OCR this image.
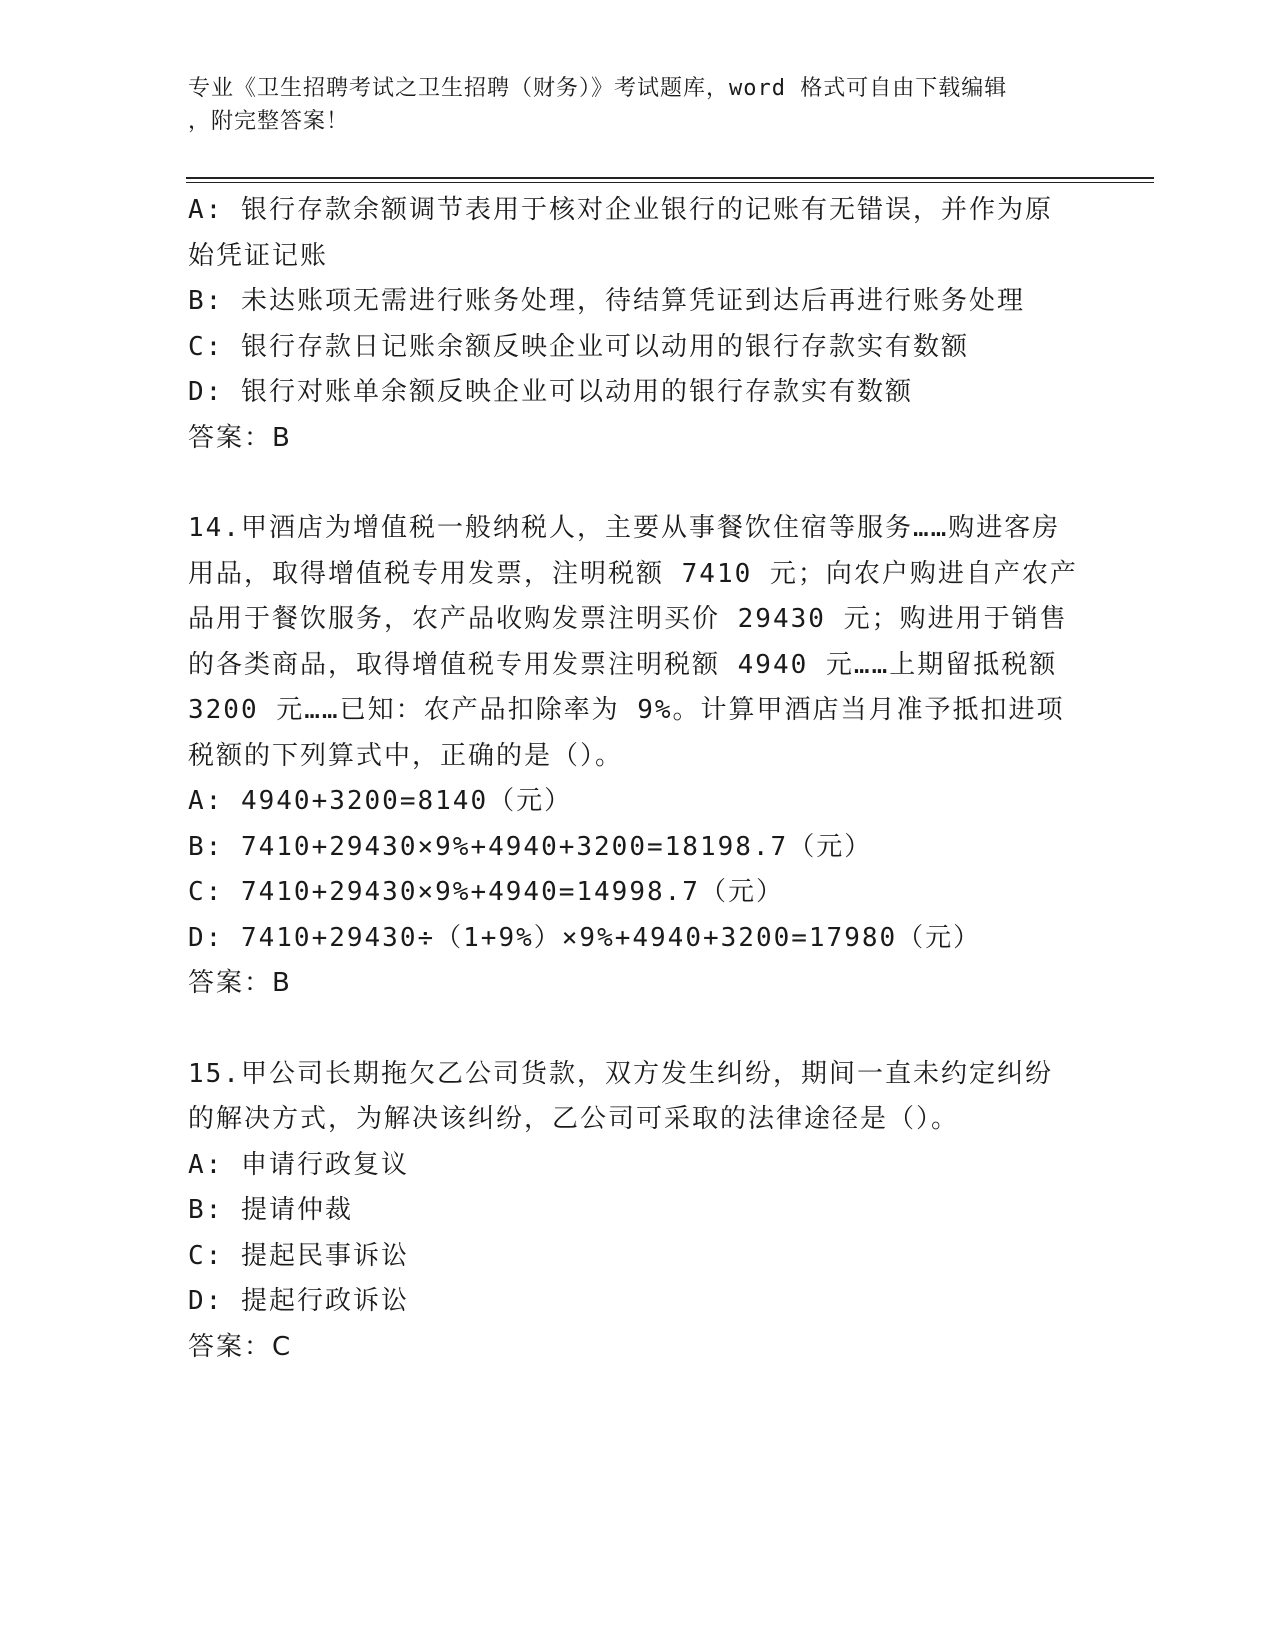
专业《卫生招聘考试之卫生招聘（财务）》考试题库，word 格式可自由下载编辑
，附完整答案！

A: 银行存款余额调节表用于核对企业银行的记账有无错误，并作为原

始凭证记账

B: 未达账项无需进行账务处理，待结算凭证到达后再进行账务处理

C: 银行存款日记账余额反映企业可以动用的银行存款实有数额

D: 银行对账单余额反映企业可以动用的银行存款实有数额

答案：B

14.甲酒店为增值税一般纳税人，主要从事餐饮住宿等服务……购进客房用品，取得增值税专用发票，注明税额 7410 元；向农户购进自产农产品用于餐饮服务，农产品收购发票注明买价 29430 元；购进用于销售的各类商品，取得增值税专用发票注明税额 4940 元……上期留抵税额 3200 元……已知：农产品扣除率为 9%。计算甲酒店当月准予抵扣进项税额的下列算式中，正确的是（）。

A: 4940+3200=8140（元）

B: 7410+29430×9%+4940+3200=18198.7（元）

C: 7410+29430×9%+4940=14998.7（元）

D: 7410+29430÷（1+9%）×9%+4940+3200=17980（元）

答案：B

15.甲公司长期拖欠乙公司货款，双方发生纠纷，期间一直未约定纠纷的解决方式，为解决该纠纷，乙公司可采取的法律途径是（）。

A: 申请行政复议

B: 提请仲裁

C: 提起民事诉讼

D: 提起行政诉讼

答案：C
